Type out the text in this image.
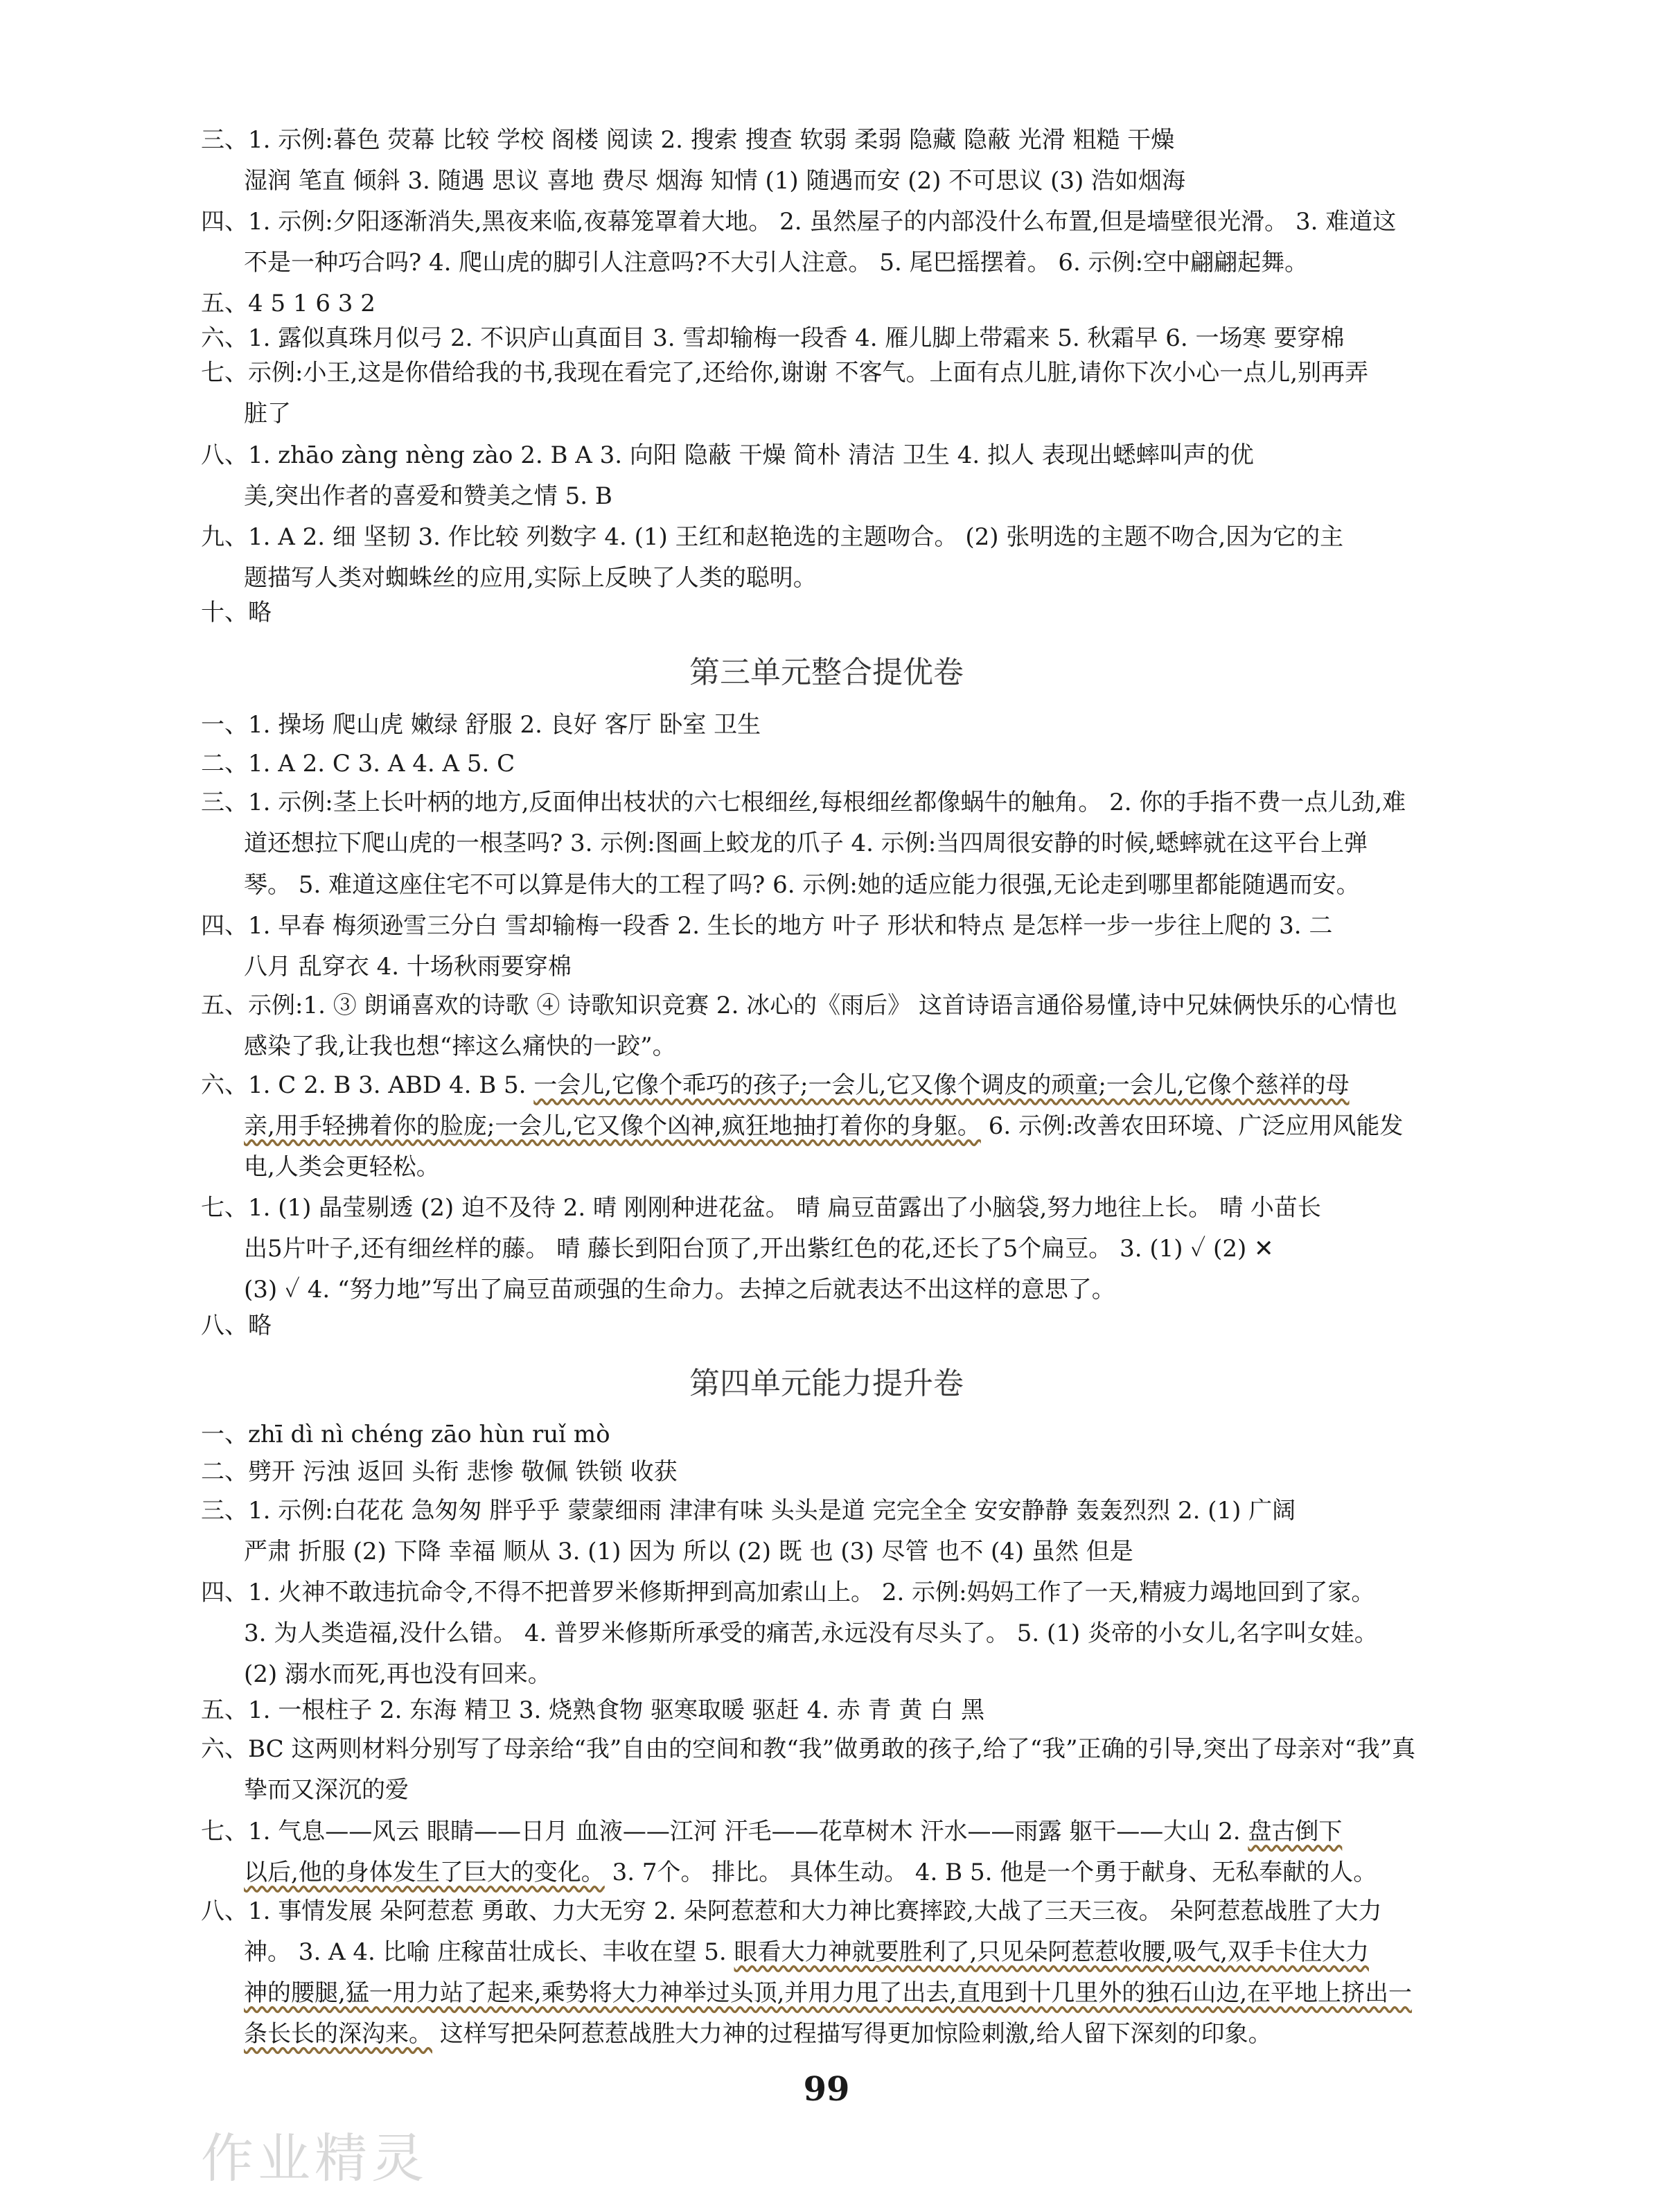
三、1. 示例:暮色 荧幕 比较 学校 阁楼 阅读 2. 搜索 搜查 软弱 柔弱 隐藏 隐蔽 光滑 粗糙 干燥
湿润 笔直 倾斜 3. 随遇 思议 喜地 费尽 烟海 知情 (1) 随遇而安 (2) 不可思议 (3) 浩如烟海
四、1. 示例:夕阳逐渐消失,黑夜来临,夜幕笼罩着大地。 2. 虽然屋子的内部没什么布置,但是墙壁很光滑。 3. 难道这
不是一种巧合吗? 4. 爬山虎的脚引人注意吗?不大引人注意。 5. 尾巴摇摆着。 6. 示例:空中翩翩起舞。
五、4 5 1 6 3 2
六、1. 露似真珠月似弓 2. 不识庐山真面目 3. 雪却输梅一段香 4. 雁儿脚上带霜来 5. 秋霜早 6. 一场寒 要穿棉
七、示例:小王,这是你借给我的书,我现在看完了,还给你,谢谢 不客气。上面有点儿脏,请你下次小心一点儿,别再弄
脏了
八、1. zhāo zàng nèng zào 2. B A 3. 向阳 隐蔽 干燥 简朴 清洁 卫生 4. 拟人 表现出蟋蟀叫声的优
美,突出作者的喜爱和赞美之情 5. B
九、1. A 2. 细 坚韧 3. 作比较 列数字 4. (1) 王红和赵艳选的主题吻合。 (2) 张明选的主题不吻合,因为它的主
题描写人类对蜘蛛丝的应用,实际上反映了人类的聪明。
十、略
第三单元整合提优卷
一、1. 操场 爬山虎 嫩绿 舒服 2. 良好 客厅 卧室 卫生
二、1. A 2. C 3. A 4. A 5. C
三、1. 示例:茎上长叶柄的地方,反面伸出枝状的六七根细丝,每根细丝都像蜗牛的触角。 2. 你的手指不费一点儿劲,难
道还想拉下爬山虎的一根茎吗? 3. 示例:图画上蛟龙的爪子 4. 示例:当四周很安静的时候,蟋蟀就在这平台上弹
琴。 5. 难道这座住宅不可以算是伟大的工程了吗? 6. 示例:她的适应能力很强,无论走到哪里都能随遇而安。
四、1. 早春 梅须逊雪三分白 雪却输梅一段香 2. 生长的地方 叶子 形状和特点 是怎样一步一步往上爬的 3. 二
八月 乱穿衣 4. 十场秋雨要穿棉
五、示例:1. ③ 朗诵喜欢的诗歌 ④ 诗歌知识竞赛 2. 冰心的《雨后》 这首诗语言通俗易懂,诗中兄妹俩快乐的心情也
感染了我,让我也想“摔这么痛快的一跤”。
六、1. C 2. B 3. ABD 4. B 5. 一会儿,它像个乖巧的孩子;一会儿,它又像个调皮的顽童;一会儿,它像个慈祥的母
亲,用手轻拂着你的脸庞;一会儿,它又像个凶神,疯狂地抽打着你的身躯。 6. 示例:改善农田环境、广泛应用风能发
电,人类会更轻松。
七、1. (1) 晶莹剔透 (2) 迫不及待 2. 晴 刚刚种进花盆。 晴 扁豆苗露出了小脑袋,努力地往上长。 晴 小苗长
出5片叶子,还有细丝样的藤。 晴 藤长到阳台顶了,开出紫红色的花,还长了5个扁豆。 3. (1) ✓ (2) ✕
(3) ✓ 4. “努力地”写出了扁豆苗顽强的生命力。去掉之后就表达不出这样的意思了。
八、略
第四单元能力提升卷
一、zhī dì nì chéng zāo hùn ruǐ mò
二、劈开 污浊 返回 头衔 悲惨 敬佩 铁锁 收获
三、1. 示例:白花花 急匆匆 胖乎乎 蒙蒙细雨 津津有味 头头是道 完完全全 安安静静 轰轰烈烈 2. (1) 广阔
严肃 折服 (2) 下降 幸福 顺从 3. (1) 因为 所以 (2) 既 也 (3) 尽管 也不 (4) 虽然 但是
四、1. 火神不敢违抗命令,不得不把普罗米修斯押到高加索山上。 2. 示例:妈妈工作了一天,精疲力竭地回到了家。
3. 为人类造福,没什么错。 4. 普罗米修斯所承受的痛苦,永远没有尽头了。 5. (1) 炎帝的小女儿,名字叫女娃。
(2) 溺水而死,再也没有回来。
五、1. 一根柱子 2. 东海 精卫 3. 烧熟食物 驱寒取暖 驱赶 4. 赤 青 黄 白 黑
六、BC 这两则材料分别写了母亲给“我”自由的空间和教“我”做勇敢的孩子,给了“我”正确的引导,突出了母亲对“我”真
挚而又深沉的爱
七、1. 气息——风云 眼睛——日月 血液——江河 汗毛——花草树木 汗水——雨露 躯干——大山 2. 盘古倒下
以后,他的身体发生了巨大的变化。 3. 7个。 排比。 具体生动。 4. B 5. 他是一个勇于献身、无私奉献的人。
八、1. 事情发展 朵阿惹惹 勇敢、力大无穷 2. 朵阿惹惹和大力神比赛摔跤,大战了三天三夜。 朵阿惹惹战胜了大力
神。 3. A 4. 比喻 庄稼苗壮成长、丰收在望 5. 眼看大力神就要胜利了,只见朵阿惹惹收腰,吸气,双手卡住大力
神的腰腿,猛一用力站了起来,乘势将大力神举过头顶,并用力甩了出去,直甩到十几里外的独石山边,在平地上挤出一
条长长的深沟来。 这样写把朵阿惹惹战胜大力神的过程描写得更加惊险刺激,给人留下深刻的印象。
99
作业精灵
